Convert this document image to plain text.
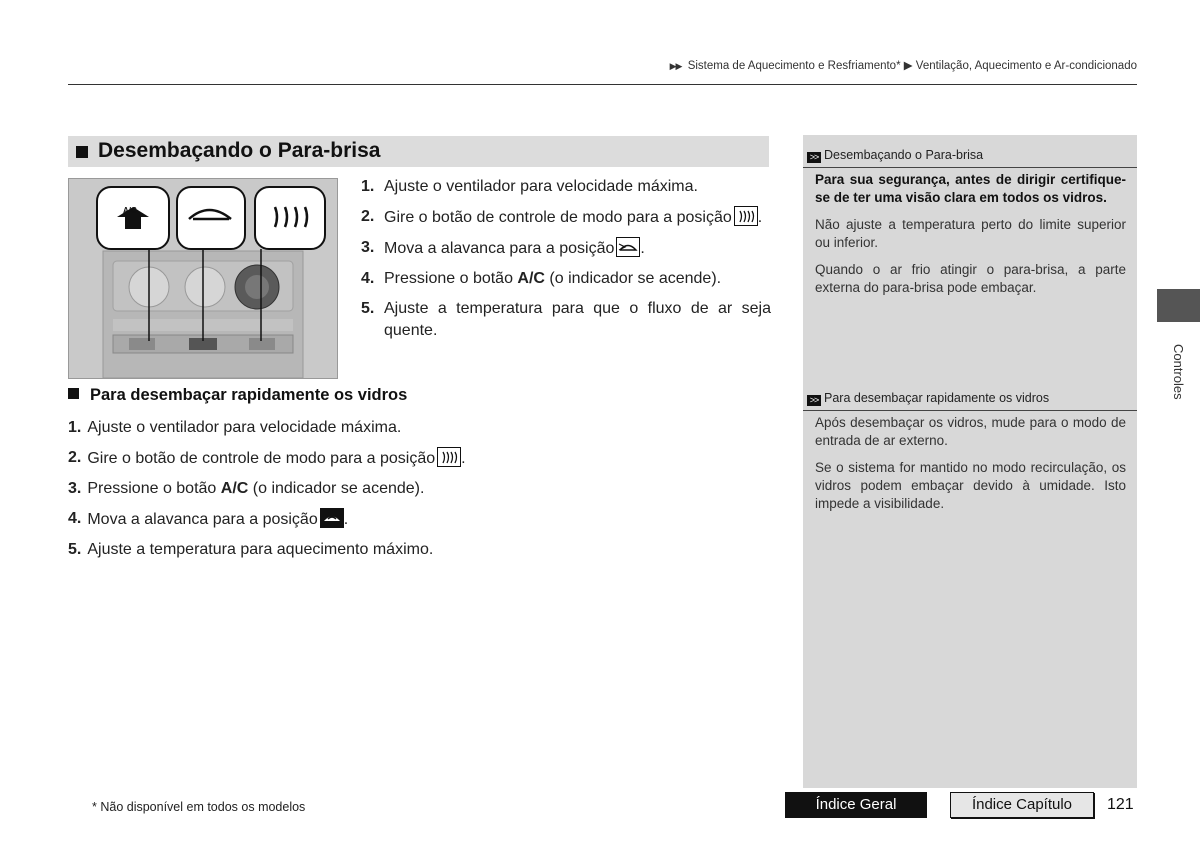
▶▶ Sistema de Aquecimento e Resfriamento* ▶ Ventilação, Aquecimento e Ar-condicionado
Desembaçando o Para-brisa
A/C
1. Ajuste o ventilador para velocidade máxima.
2. Gire o botão de controle de modo para a posição .
3. Mova a alavanca para a posição .
4. Pressione o botão A/C (o indicador se acende).
5. Ajuste a temperatura para que o fluxo de ar seja quente.
Para desembaçar rapidamente os vidros
1. Ajuste o ventilador para velocidade máxima.
2. Gire o botão de controle de modo para a posição .
3. Pressione o botão A/C (o indicador se acende).
4. Mova a alavanca para a posição .
5. Ajuste a temperatura para aquecimento máximo.
>> Desembaçando o Para-brisa

Para sua segurança, antes de dirigir certifique-se de ter uma visão clara em todos os vidros.

Não ajuste a temperatura perto do limite superior ou inferior.

Quando o ar frio atingir o para-brisa, a parte externa do para-brisa pode embaçar.

>> Para desembaçar rapidamente os vidros

Após desembaçar os vidros, mude para o modo de entrada de ar externo.

Se o sistema for mantido no modo recirculação, os vidros podem embaçar devido à umidade. Isto impede a visibilidade.

Controles
* Não disponível em todos os modelos	Índice Geral	Índice Capítulo	121
